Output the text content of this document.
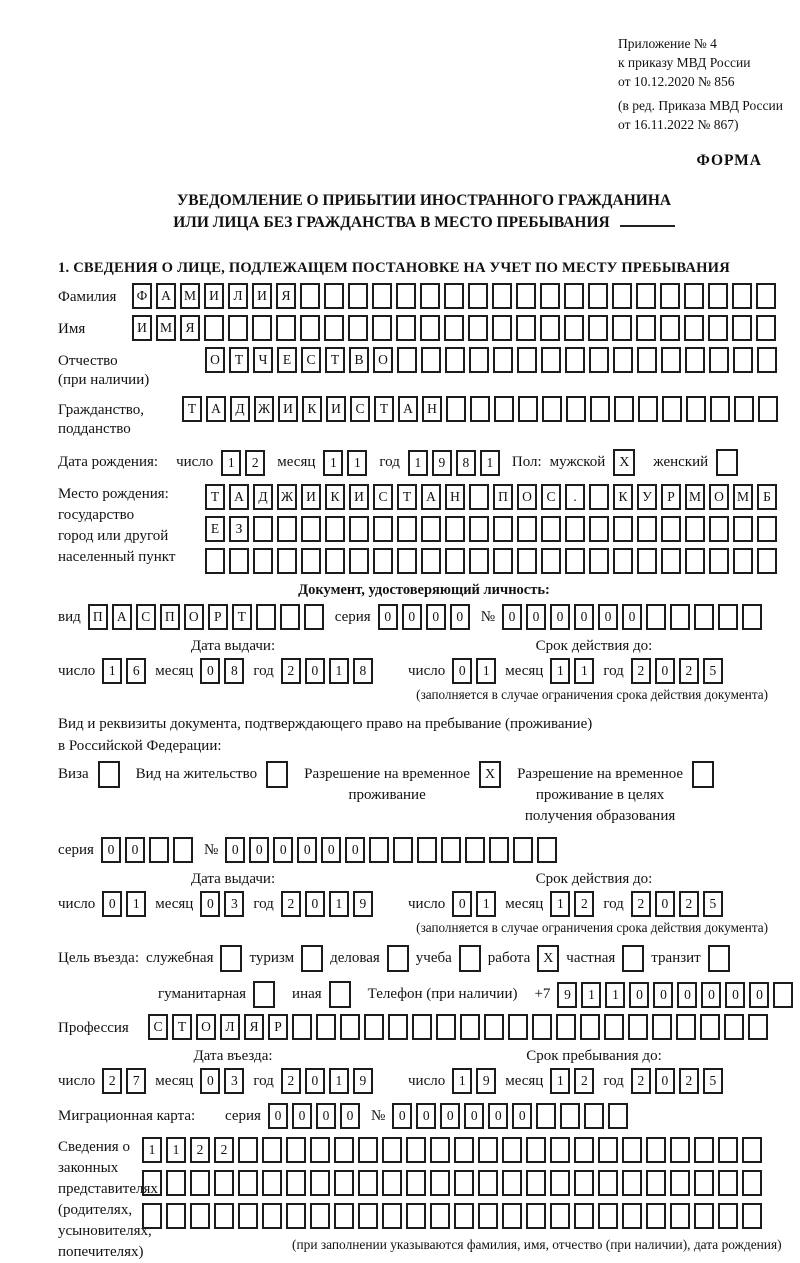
Приложение № 4
к приказу МВД России
от 10.12.2020 № 856
(в ред. Приказа МВД России
от 16.11.2022 № 867)
ФОРМА
УВЕДОМЛЕНИЕ О ПРИБЫТИИ ИНОСТРАННОГО ГРАЖДАНИНА
ИЛИ ЛИЦА БЕЗ ГРАЖДАНСТВА В МЕСТО ПРЕБЫВАНИЯ
1. СВЕДЕНИЯ О ЛИЦЕ, ПОДЛЕЖАЩЕМ ПОСТАНОВКЕ НА УЧЕТ ПО МЕСТУ ПРЕБЫВАНИЯ
Фамилия	Ф	А М И	Л	И	Я
Имя	И М Я
Отчество
(при наличии)
О	Т	Ч	Е	С	Т	В	О
Гражданство,
подданство
Т	А	Д Ж И	К	И	С	Т	А	Н
Дата рождения: число	1	2	месяц	1	1	год	1	9	8	1	Пол: мужской X	женский
Место рождения:
государство
город или другой
населенный пункт
Т	А	Д Ж И	К	И	С	Т	А	Н	П	О	С	.	К	У	Р	М О М	Б
Е	З
Документ, удостоверяющий личность:
вид П	А	С	П	О	Р	Т	серия	0	0	0	0	№	0	0	0	0	0	0
Дата выдачи:
число	1	6	месяц	0	8	год	2	0	1	8
Срок действия до:
число	0	1	месяц	1	1	год	2	0	2	5
(заполняется в случае ограничения срока действия документа)
Вид и реквизиты документа, подтверждающего право на пребывание (проживание)
в Российской Федерации:
Виза	Вид на жительство	Разрешение на временное
проживание
X	Разрешение на временное
проживание в целях
получения образования
серия	0	0	№	0	0	0	0	0	0
Дата выдачи:
число	0	1	месяц	0	3	год	2	0	1	9
Срок действия до:
число	0	1	месяц	1	2	год	2	0	2	5
(заполняется в случае ограничения срока действия документа)
Цель въезда: служебная туризм деловая учеба работа X частная транзит
гуманитарная	иная	Телефон (при наличии) +7	9	1	1	0	0	0	0	0	0
Профессия	С	Т	О	Л	Я	Р
Дата въезда:
число	2	7	месяц	0	3	год	2	0	1	9
Срок пребывания до:
число	1	9	месяц	1	2	год	2	0	2	5
Миграционная карта:	серия	0	0	0	0	№	0	0	0	0	0	0
Сведения о
законных
представителях
(родителях,
усыновителях,
попечителях)
1	1	2	2
(при заполнении указываются фамилия, имя, отчество (при наличии), дата рождения)
